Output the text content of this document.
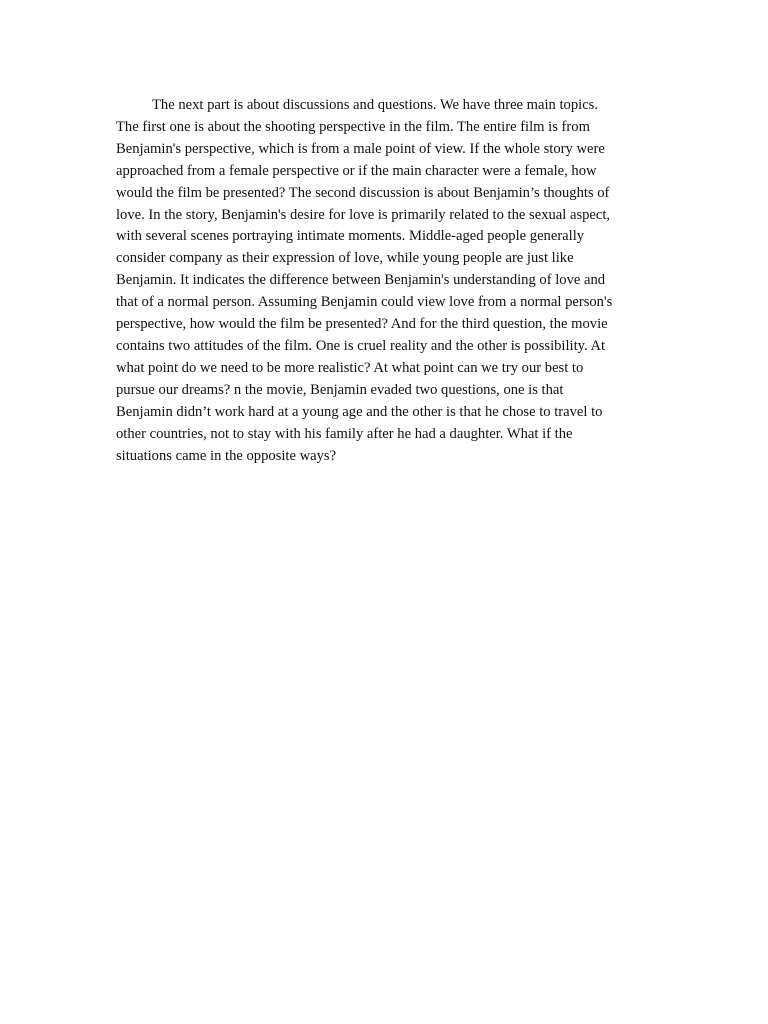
The next part is about discussions and questions. We have three main topics.
The first one is about the shooting perspective in the film. The entire film is from
Benjamin's perspective, which is from a male point of view. If the whole story were
approached from a female perspective or if the main character were a female, how
would the film be presented? The second discussion is about Benjamin’s thoughts of
love. In the story, Benjamin's desire for love is primarily related to the sexual aspect,
with several scenes portraying intimate moments. Middle-aged people generally
consider company as their expression of love, while young people are just like
Benjamin. It indicates the difference between Benjamin's understanding of love and
that of a normal person. Assuming Benjamin could view love from a normal person's
perspective, how would the film be presented? And for the third question, the movie
contains two attitudes of the film. One is cruel reality and the other is possibility. At
what point do we need to be more realistic? At what point can we try our best to
pursue our dreams? n the movie, Benjamin evaded two questions, one is that
Benjamin didn’t work hard at a young age and the other is that he chose to travel to
other countries, not to stay with his family after he had a daughter. What if the
situations came in the opposite ways?
